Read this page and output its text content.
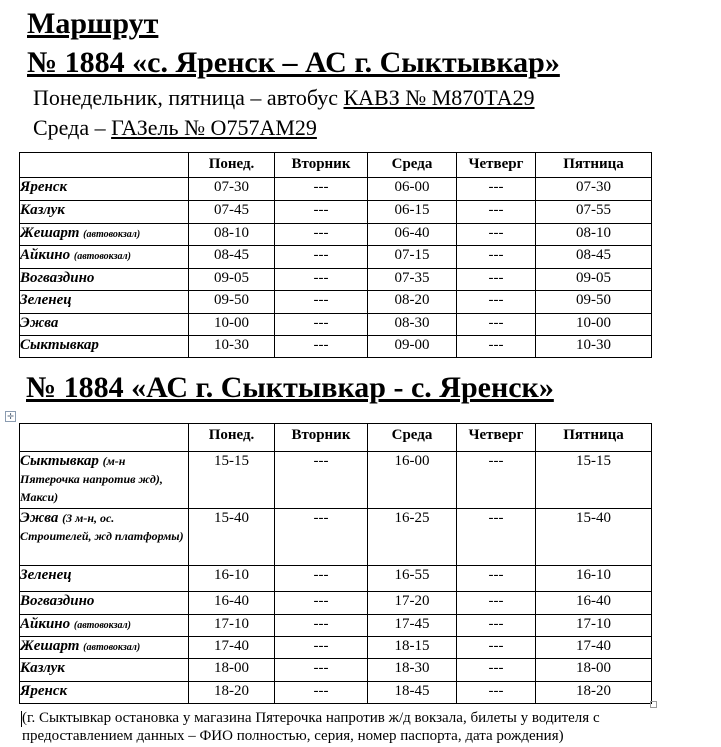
Маршрут
№ 1884 «с. Яренск – АС г. Сыктывкар»
Понедельник, пятница – автобус КАВЗ № М870ТА29
Среда – ГАЗель № О757АМ29
	Понед.	Вторник	Среда	Четверг	Пятница
Яренск	07-30	---	06-00	---	07-30
Казлук	07-45	---	06-15	---	07-55
Жешарт (автовокзал)	08-10	---	06-40	---	08-10
Айкино (автовокзал)	08-45	---	07-15	---	08-45
Вогваздино	09-05	---	07-35	---	09-05
Зеленец	09-50	---	08-20	---	09-50
Эжва	10-00	---	08-30	---	10-00
Сыктывкар	10-30	---	09-00	---	10-30
№ 1884 «АС г. Сыктывкар - с. Яренск»
✛
	Понед.	Вторник	Среда	Четверг	Пятница
Сыктывкар (м-н Пятерочка напротив жд), Макси)	15-15	---	16-00	---	15-15
Эжва (3 м-н, ос. Строителей, жд платформы)	15-40	---	16-25	---	15-40
Зеленец	16-10	---	16-55	---	16-10
Вогваздино	16-40	---	17-20	---	16-40
Айкино (автовокзал)	17-10	---	17-45	---	17-10
Жешарт (автовокзал)	17-40	---	18-15	---	17-40
Казлук	18-00	---	18-30	---	18-00
Яренск	18-20	---	18-45	---	18-20
(г. Сыктывкар остановка у магазина Пятерочка напротив ж/д вокзала, билеты у водителя с предоставлением данных – ФИО полностью, серия, номер паспорта, дата рождения)
